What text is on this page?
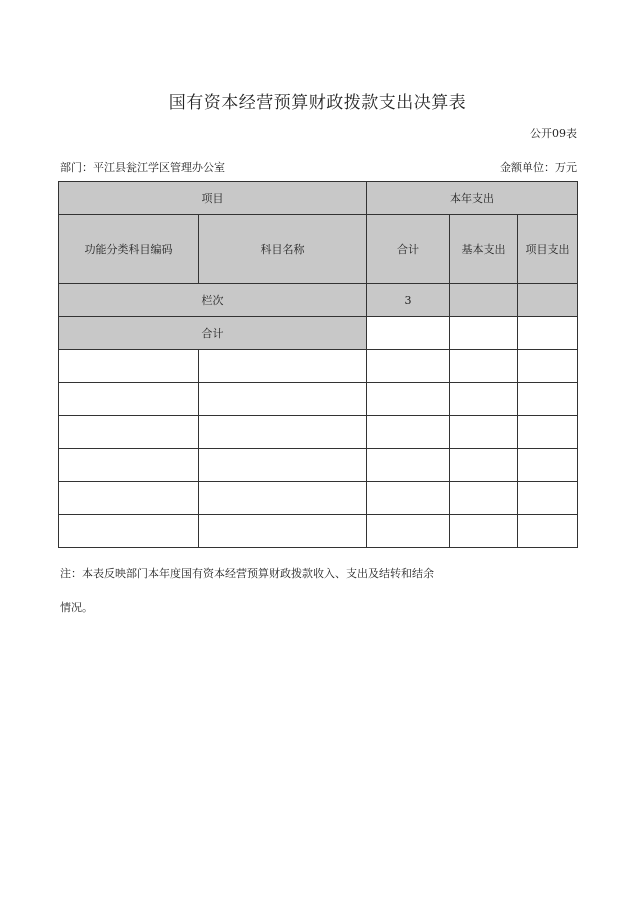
国有资本经营预算财政拨款支出决算表
公开09表
部门：平江县瓮江学区管理办公室	金额单位：万元
项目		本年支出		
功能分类科目编码	科目名称	合计	基本支出	项目支出
栏次		3		
合计				

注：本表反映部门本年度国有资本经营预算财政拨款收入、支出及结转和结余
情况。
